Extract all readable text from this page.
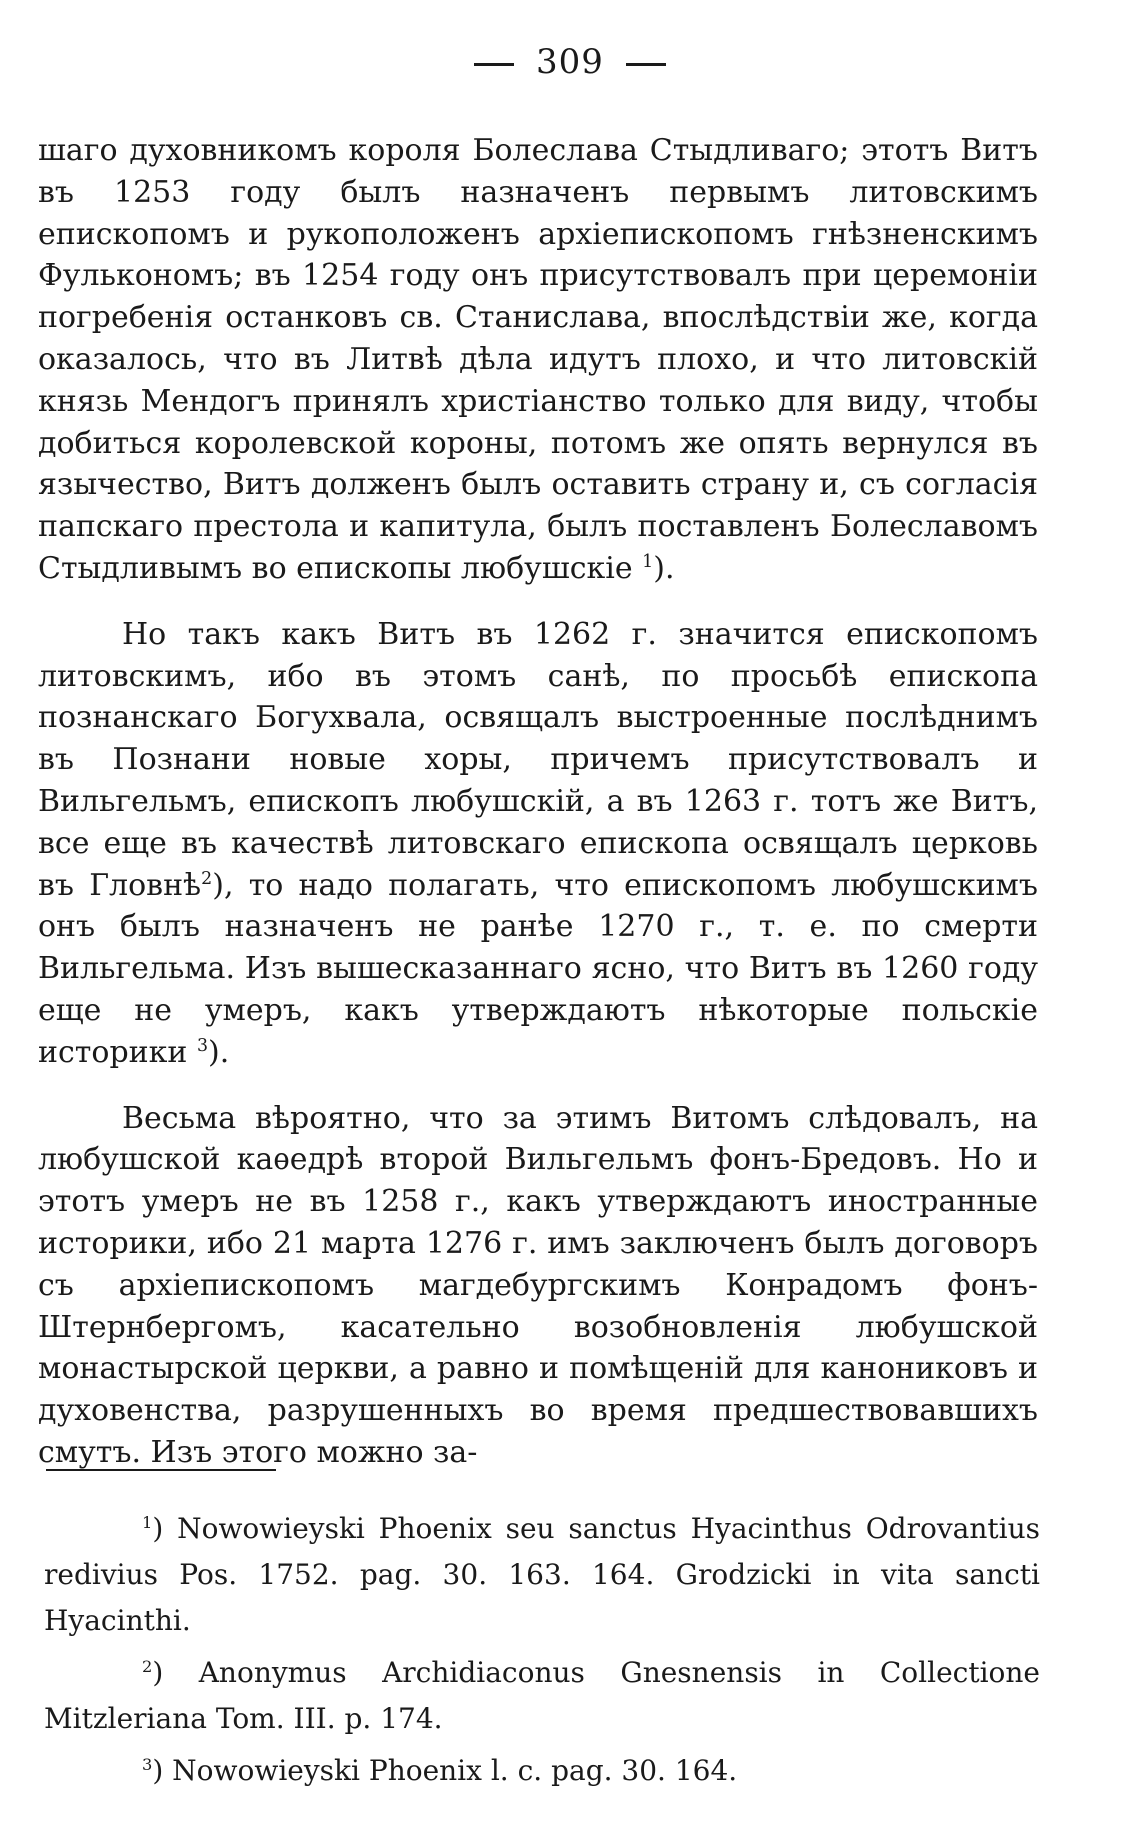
309

шаго духовникомъ короля Болеслава Стыдливаго; этотъ Витъ въ 1253 году былъ назначенъ первымъ литовскимъ епископомъ и рукоположенъ архіепископомъ гнѣзненскимъ Фулькономъ; въ 1254 году онъ присутствовалъ при церемоніи погребенія останковъ св. Станислава, впослѣдствіи же, когда оказалось, что въ Литвѣ дѣла идутъ плохо, и что литовскій князь Мендогъ принялъ христіанство только для виду, чтобы добиться королевской короны, потомъ же опять вернулся въ язычество, Витъ долженъ былъ оставить страну и, съ согласія папскаго престола и капитула, былъ поставленъ Болеславомъ Стыдливымъ во епископы любушскіе $^1$).

Но такъ какъ Витъ въ 1262 г. значится епископомъ литовскимъ, ибо въ этомъ санѣ, по просьбѣ епископа познанскаго Богухвала, освящалъ выстроенные послѣднимъ въ Познани новые хоры, причемъ присутствовалъ и Вильгельмъ, епископъ любушскій, а въ 1263 г. тотъ же Витъ, все еще въ качествѣ литовскаго епископа освящалъ церковь въ Гловнѣ$^2$), то надо полагать, что епископомъ любушскимъ онъ былъ назначенъ не ранѣе 1270 г., т. е. по смерти Вильгельма. Изъ вышесказаннаго ясно, что Витъ въ 1260 году еще не умеръ, какъ утверждаютъ нѣкоторые польскіе историки $^3$).

Весьма вѣроятно, что за этимъ Витомъ слѣдовалъ, на любушской каѳедрѣ второй Вильгельмъ фонъ-Бредовъ. Но и этотъ умеръ не въ 1258 г., какъ утверждаютъ иностранные историки, ибо 21 марта 1276 г. имъ заключенъ былъ договоръ съ архіепископомъ магдебургскимъ Конрадомъ фонъ-Штернбергомъ, касательно возобновленія любушской монастырской церкви, а равно и помѣщеній для канониковъ и духовенства, разрушенныхъ во время предшествовавшихъ смутъ. Изъ этого можно за-

$^1$) Nowowieyski Phoenix seu sanctus Hyacinthus Odrovantius redivius Pos. 1752. pag. 30. 163. 164. Grodzicki in vita sancti Hyacinthi.

$^2$) Anonymus Archidiaconus Gnesnensis in Collectione Mitzleriana Tom. III. p. 174.

$^3$) Nowowieyski Phoenix l. c. pag. 30. 164.
